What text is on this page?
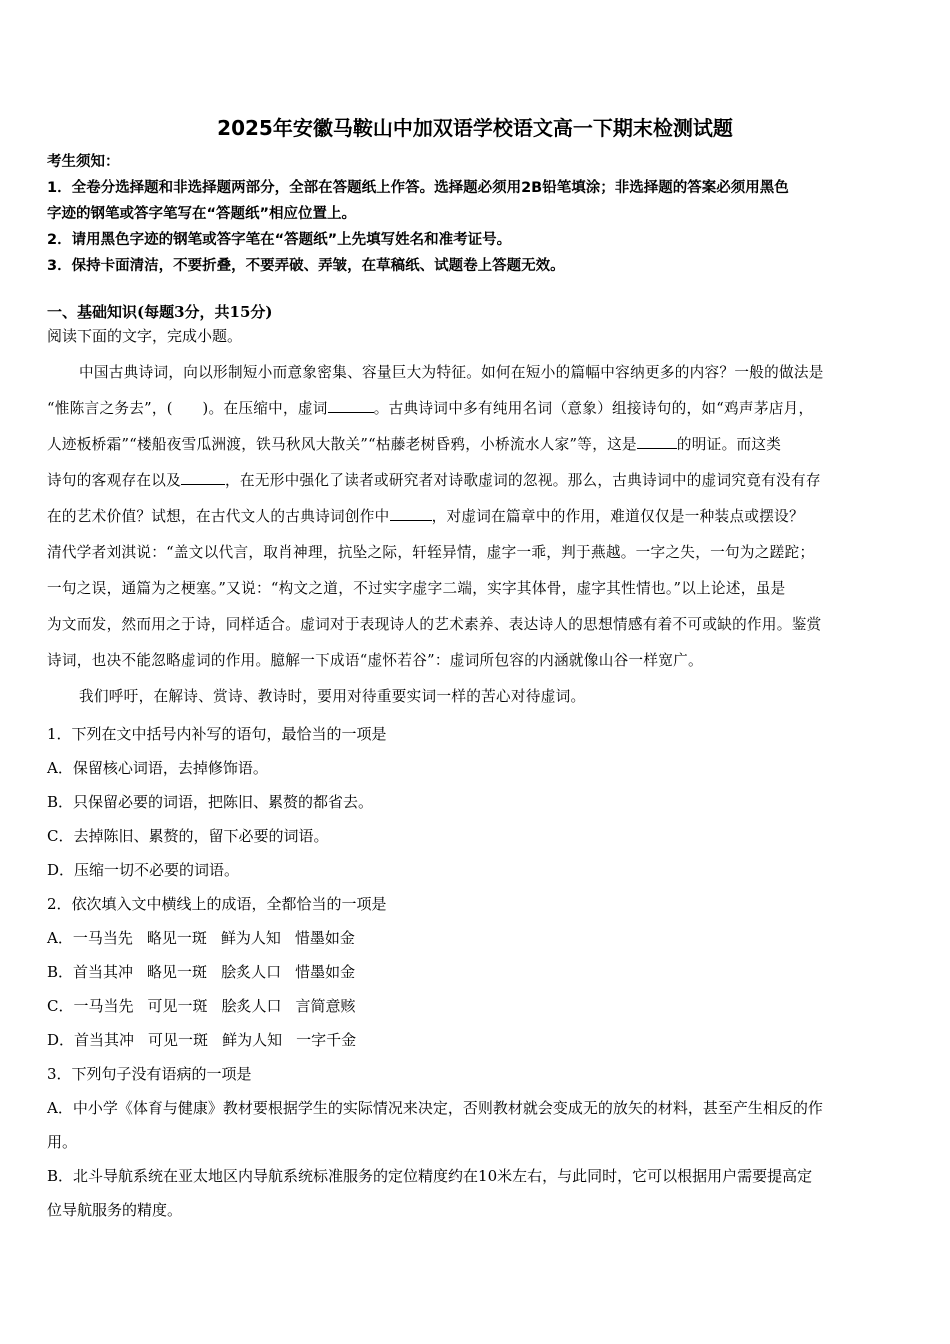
2025年安徽马鞍山中加双语学校语文高一下期末检测试题
考生须知：
1．全卷分选择题和非选择题两部分，全部在答题纸上作答。选择题必须用2B铅笔填涂；非选择题的答案必须用黑色
字迹的钢笔或答字笔写在“答题纸”相应位置上。
2．请用黑色字迹的钢笔或答字笔在“答题纸”上先填写姓名和准考证号。
3．保持卡面清洁，不要折叠，不要弄破、弄皱，在草稿纸、试题卷上答题无效。
一、基础知识(每题3分，共15分)
阅读下面的文字，完成小题。
中国古典诗词，向以形制短小而意象密集、容量巨大为特征。如何在短小的篇幅中容纳更多的内容？一般的做法是
“惟陈言之务去”，(　　)。在压缩中，虚词	。古典诗词中多有纯用名词（意象）组接诗句的，如“鸡声茅店月，
人迹板桥霜”“楼船夜雪瓜洲渡，铁马秋风大散关”“枯藤老树昏鸦，小桥流水人家”等，这是	的明证。而这类
诗句的客观存在以及	，在无形中强化了读者或研究者对诗歌虚词的忽视。那么，古典诗词中的虚词究竟有没有存
在的艺术价值？试想，在古代文人的古典诗词创作中	，对虚词在篇章中的作用，难道仅仅是一种装点或摆设？
清代学者刘淇说：“盖文以代言，取肖神理，抗坠之际，轩轾异情，虚字一乖，判于燕越。一字之失，一句为之蹉跎；
一句之误，通篇为之梗塞。”又说：“构文之道，不过实字虚字二端，实字其体骨，虚字其性情也。”以上论述，虽是
为文而发，然而用之于诗，同样适合。虚词对于表现诗人的艺术素养、表达诗人的思想情感有着不可或缺的作用。鉴赏
诗词，也决不能忽略虚词的作用。臆解一下成语“虚怀若谷”：虚词所包容的内涵就像山谷一样宽广。
我们呼吁，在解诗、赏诗、教诗时，要用对待重要实词一样的苦心对待虚词。
1．下列在文中括号内补写的语句，最恰当的一项是
A．保留核心词语，去掉修饰语。
B．只保留必要的词语，把陈旧、累赘的都省去。
C．去掉陈旧、累赘的，留下必要的词语。
D．压缩一切不必要的词语。
2．依次填入文中横线上的成语，全都恰当的一项是
A．一马当先 略见一斑 鲜为人知 惜墨如金
B．首当其冲 略见一斑 脍炙人口 惜墨如金
C．一马当先 可见一斑 脍炙人口 言简意赅
D．首当其冲 可见一斑 鲜为人知 一字千金
3．下列句子没有语病的一项是
A．中小学《体育与健康》教材要根据学生的实际情况来决定，否则教材就会变成无的放矢的材料，甚至产生相反的作
用。
B．北斗导航系统在亚太地区内导航系统标准服务的定位精度约在10米左右，与此同时，它可以根据用户需要提高定
位导航服务的精度。
